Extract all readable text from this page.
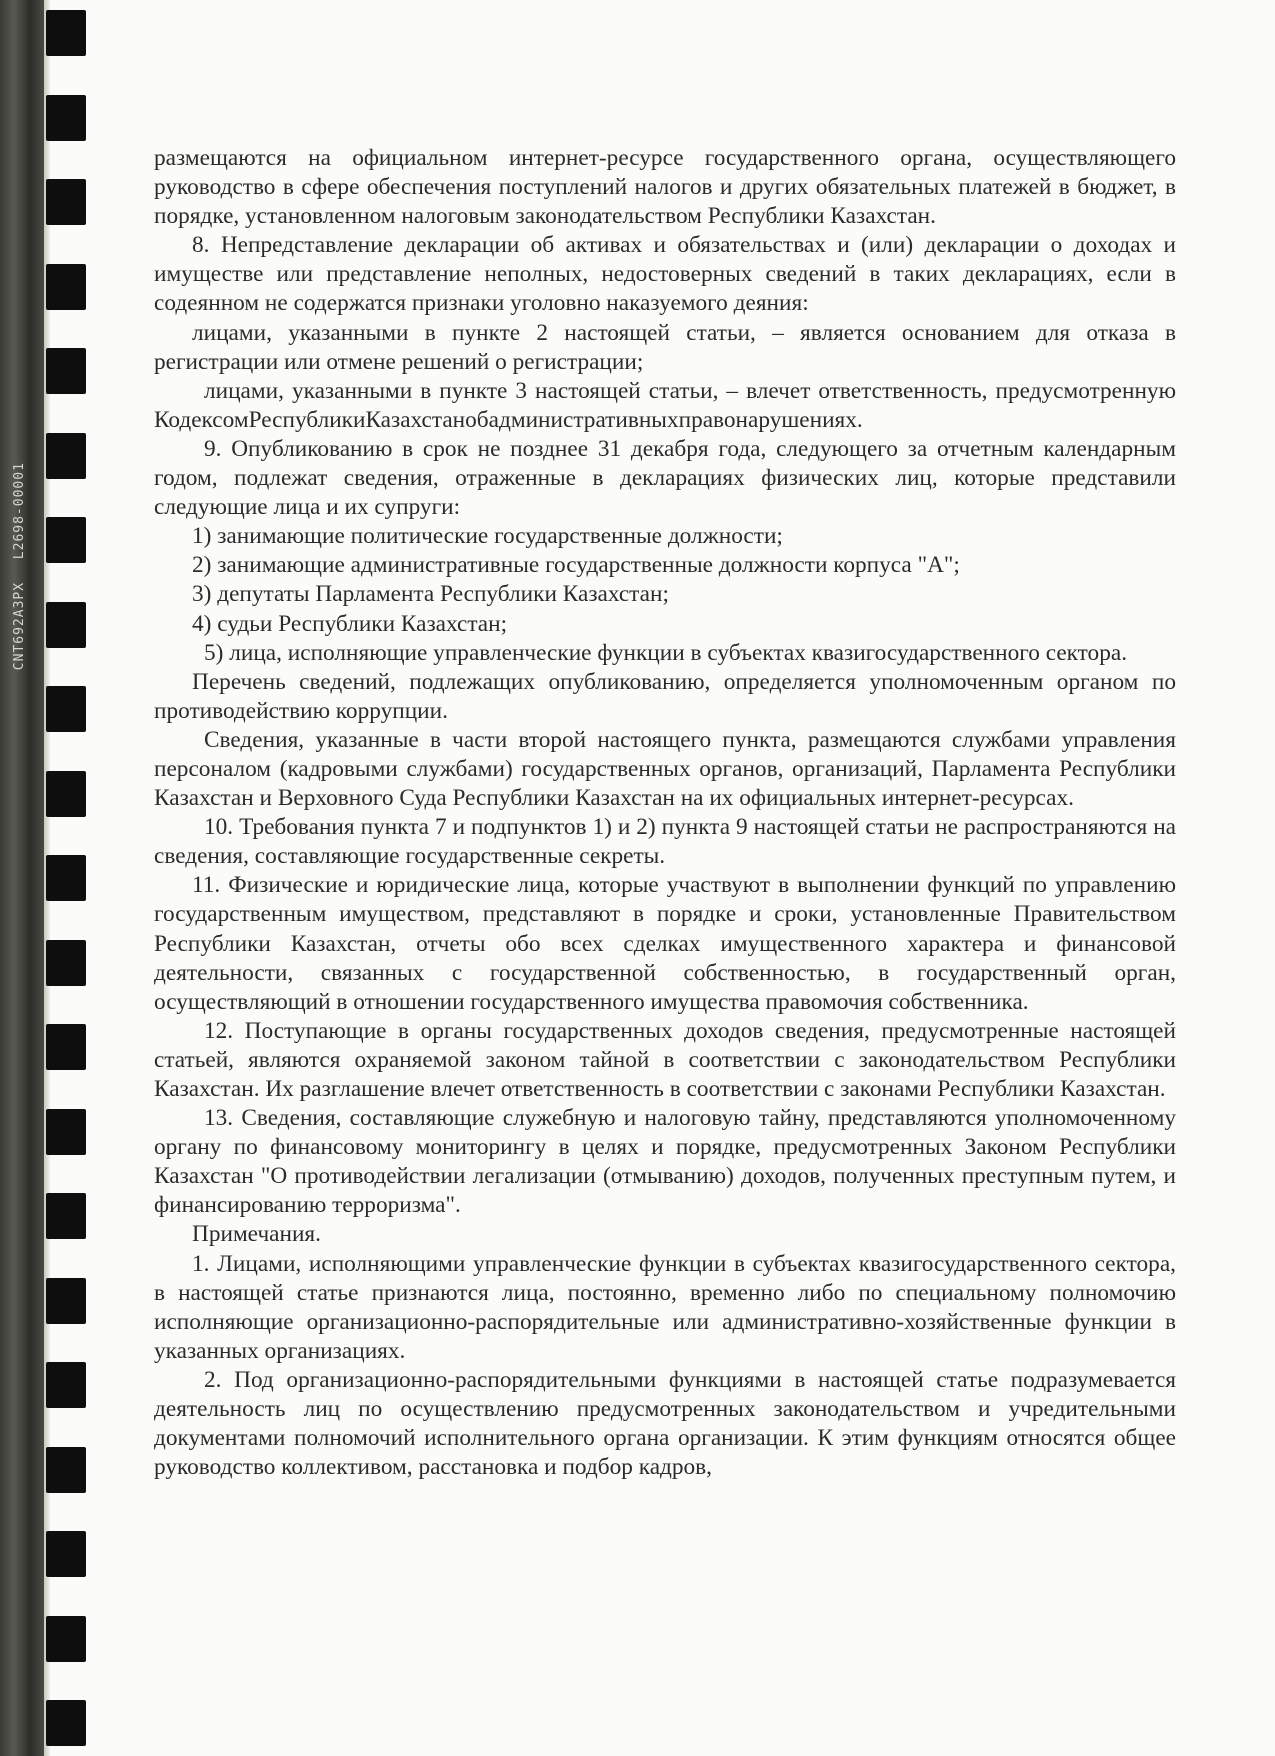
CNT692A3PX L2698-00001

размещаются на официальном интернет-ресурсе государственного органа, осуществляющего руководство в сфере обеспечения поступлений налогов и других обязательных платежей в бюджет, в порядке, установленном налоговым законодательством Республики Казахстан.

8. Непредставление декларации об активах и обязательствах и (или) декларации о доходах и имуществе или представление неполных, недостоверных сведений в таких декларациях, если в содеянном не содержатся признаки уголовно наказуемого деяния:

лицами, указанными в пункте 2 настоящей статьи, – является основанием для отказа в регистрации или отмене решений о регистрации;

лицами, указанными в пункте 3 настоящей статьи, – влечет ответственность, предусмотренную КодексомРеспубликиКазахстанобадминистративныхправонарушениях.

9. Опубликованию в срок не позднее 31 декабря года, следующего за отчетным календарным годом, подлежат сведения, отраженные в декларациях физических лиц, которые представили следующие лица и их супруги:

1) занимающие политические государственные должности;

2) занимающие административные государственные должности корпуса "А";

3) депутаты Парламента Республики Казахстан;

4) судьи Республики Казахстан;

5) лица, исполняющие управленческие функции в субъектах квазигосударственного сектора.

Перечень сведений, подлежащих опубликованию, определяется уполномоченным органом по противодействию коррупции.

Сведения, указанные в части второй настоящего пункта, размещаются службами управления персоналом (кадровыми службами) государственных органов, организаций, Парламента Республики Казахстан и Верховного Суда Республики Казахстан на их официальных интернет-ресурсах.

10. Требования пункта 7 и подпунктов 1) и 2) пункта 9 настоящей статьи не распространяются на сведения, составляющие государственные секреты.

11. Физические и юридические лица, которые участвуют в выполнении функций по управлению государственным имуществом, представляют в порядке и сроки, установленные Правительством Республики Казахстан, отчеты обо всех сделках имущественного характера и финансовой деятельности, связанных с государственной собственностью, в государственный орган, осуществляющий в отношении государственного имущества правомочия собственника.

12. Поступающие в органы государственных доходов сведения, предусмотренные настоящей статьей, являются охраняемой законом тайной в соответствии с законодательством Республики Казахстан. Их разглашение влечет ответственность в соответствии с законами Республики Казахстан.

13. Сведения, составляющие служебную и налоговую тайну, представляются уполномоченному органу по финансовому мониторингу в целях и порядке, предусмотренных Законом Республики Казахстан "О противодействии легализации (отмыванию) доходов, полученных преступным путем, и финансированию терроризма".

Примечания.

1. Лицами, исполняющими управленческие функции в субъектах квазигосударственного сектора, в настоящей статье признаются лица, постоянно, временно либо по специальному полномочию исполняющие организационно-распорядительные или административно-хозяйственные функции в указанных организациях.

2. Под организационно-распорядительными функциями в настоящей статье подразумевается деятельность лиц по осуществлению предусмотренных законодательством и учредительными документами полномочий исполнительного органа организации. К этим функциям относятся общее руководство коллективом, расстановка и подбор кадров,
